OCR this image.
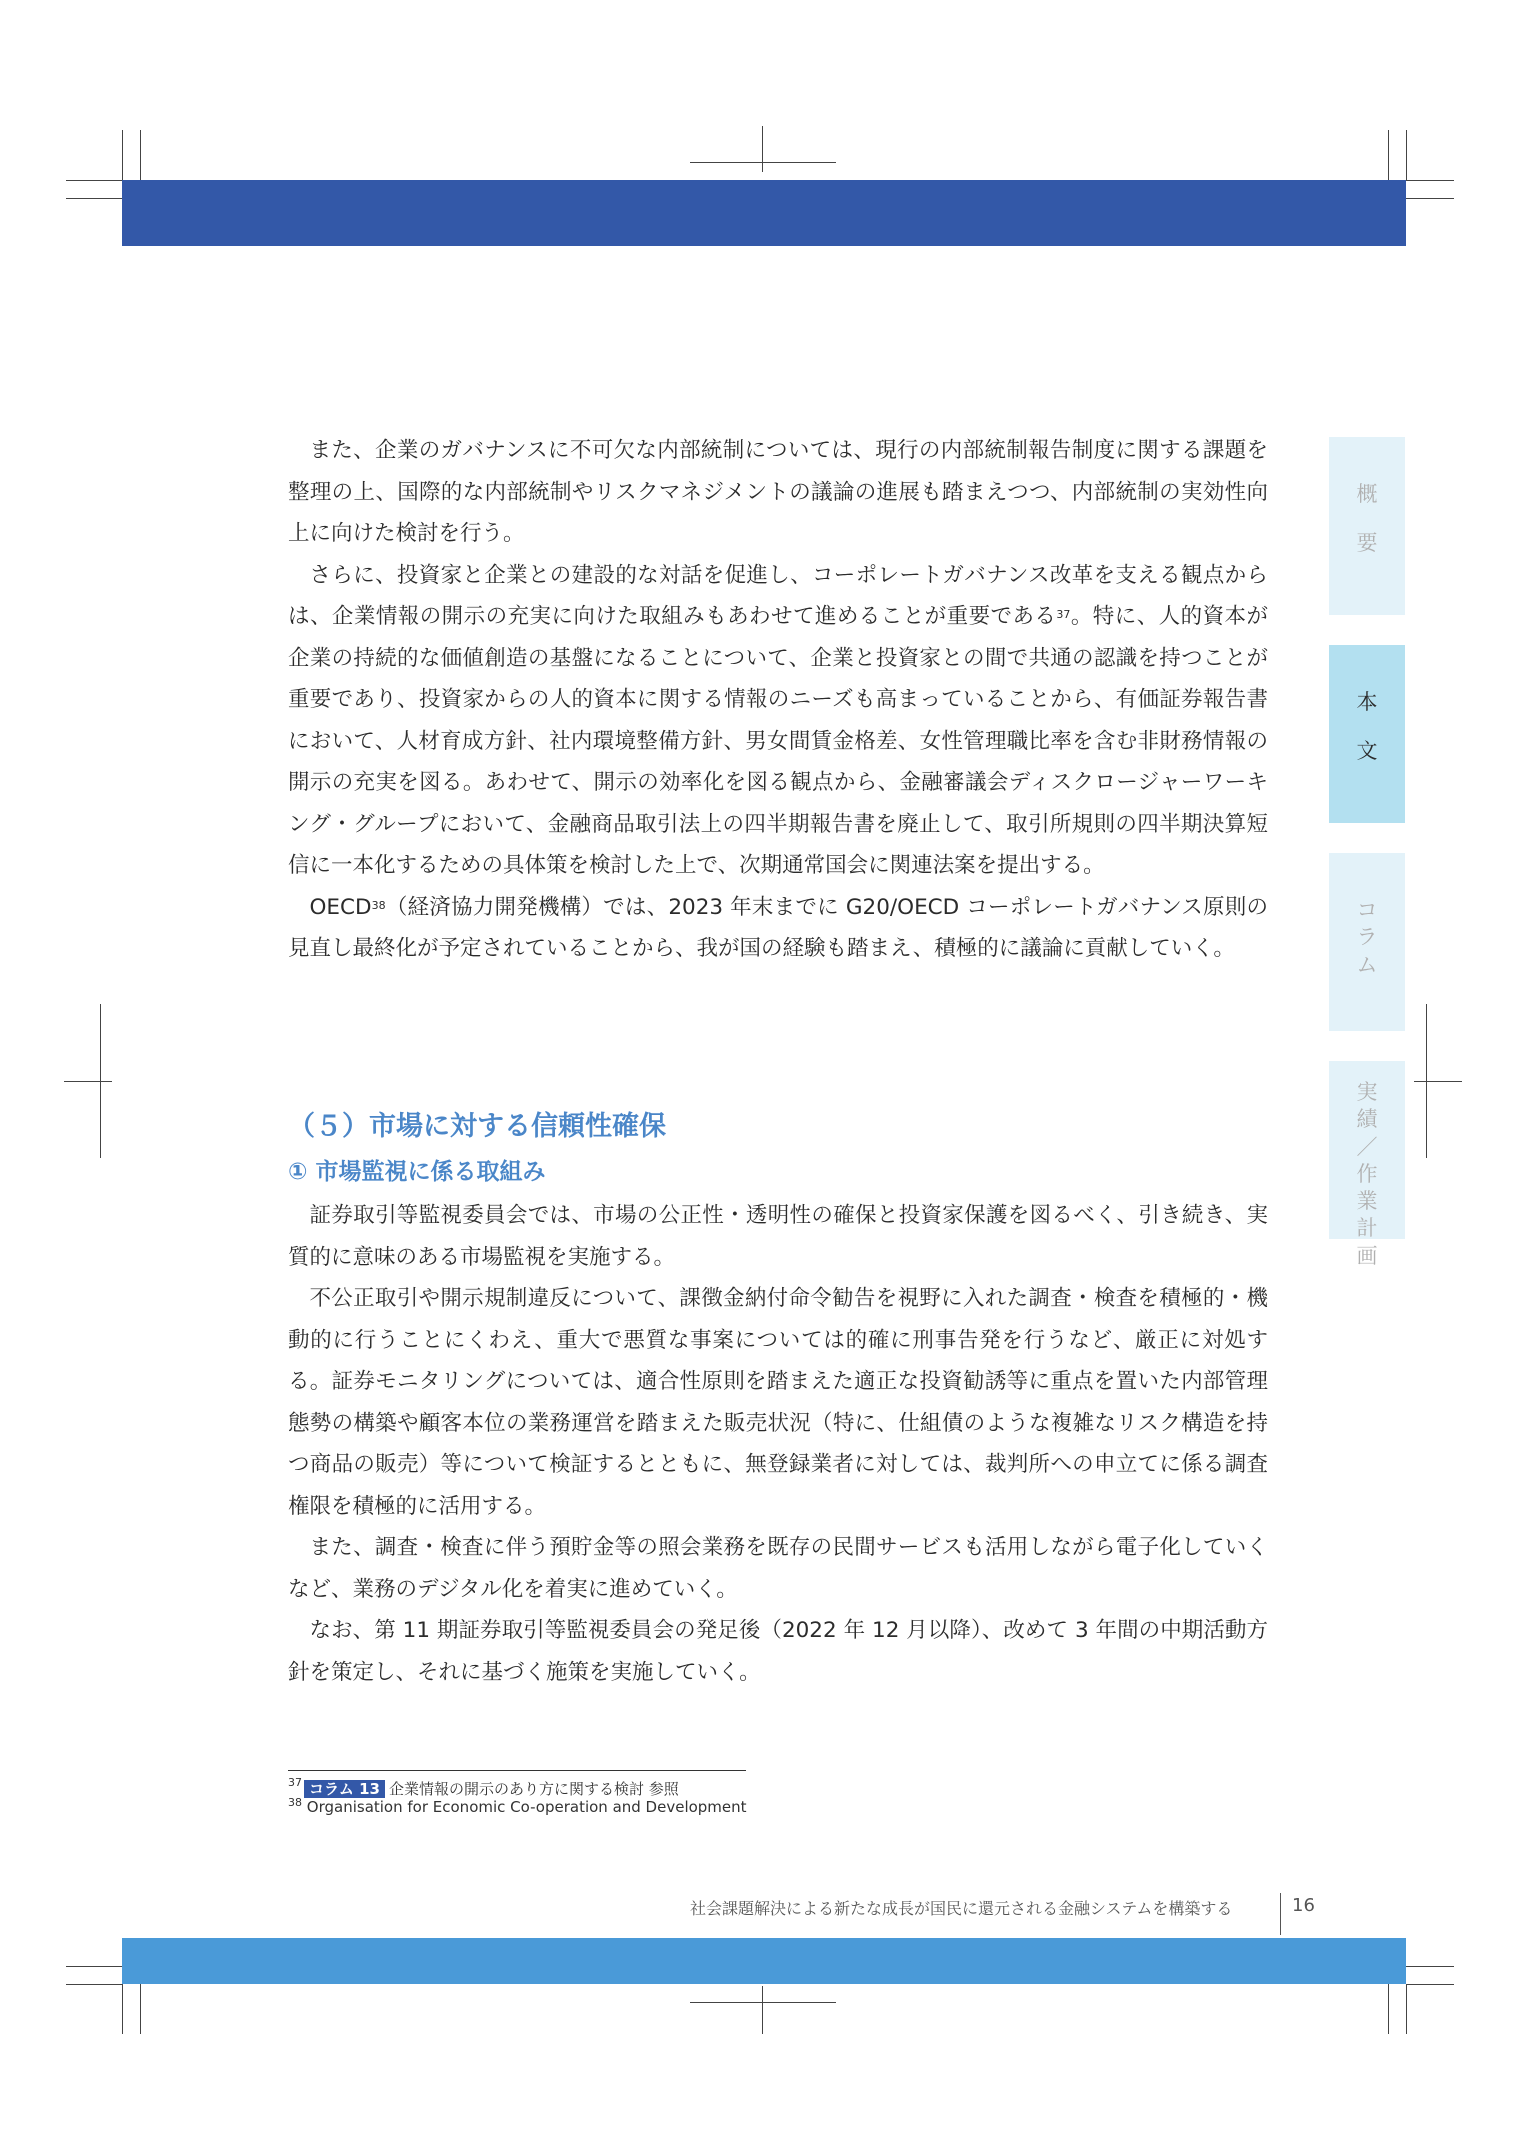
概
要
本
文
コ
ラ
ム
実
績
／
作
業
計
画

また、企業のガバナンスに不可欠な内部統制については、現行の内部統制報告制度に関する課題を整理の上、国際的な内部統制やリスクマネジメントの議論の進展も踏まえつつ、内部統制の実効性向上に向けた検討を行う。

さらに、投資家と企業との建設的な対話を促進し、コーポレートガバナンス改革を支える観点からは、企業情報の開示の充実に向けた取組みもあわせて進めることが重要である$^{37}$。特に、人的資本が企業の持続的な価値創造の基盤になることについて、企業と投資家との間で共通の認識を持つことが重要であり、投資家からの人的資本に関する情報のニーズも高まっていることから、有価証券報告書において、人材育成方針、社内環境整備方針、男女間賃金格差、女性管理職比率を含む非財務情報の開示の充実を図る。あわせて、開示の効率化を図る観点から、金融審議会ディスクロージャーワーキング・グループにおいて、金融商品取引法上の四半期報告書を廃止して、取引所規則の四半期決算短信に一本化するための具体策を検討した上で、次期通常国会に関連法案を提出する。

OECD$^{38}$（経済協力開発機構）では、2023 年末までに G20/OECD コーポレートガバナンス原則の見直し最終化が予定されていることから、我が国の経験も踏まえ、積極的に議論に貢献していく。

（５）市場に対する信頼性確保
① 市場監視に係る取組み

証券取引等監視委員会では、市場の公正性・透明性の確保と投資家保護を図るべく、引き続き、実質的に意味のある市場監視を実施する。

不公正取引や開示規制違反について、課徴金納付命令勧告を視野に入れた調査・検査を積極的・機動的に行うことにくわえ、重大で悪質な事案については的確に刑事告発を行うなど、厳正に対処する。証券モニタリングについては、適合性原則を踏まえた適正な投資勧誘等に重点を置いた内部管理態勢の構築や顧客本位の業務運営を踏まえた販売状況（特に、仕組債のような複雑なリスク構造を持つ商品の販売）等について検証するとともに、無登録業者に対しては、裁判所への申立てに係る調査権限を積極的に活用する。

また、調査・検査に伴う預貯金等の照会業務を既存の民間サービスも活用しながら電子化していくなど、業務のデジタル化を着実に進めていく。

なお、第 11 期証券取引等監視委員会の発足後（2022 年 12 月以降）、改めて 3 年間の中期活動方針を策定し、それに基づく施策を実施していく。

$^{37}$ コラム 13 企業情報の開示のあり方に関する検討 参照
$^{38}$ Organisation for Economic Co-operation and Development
社会課題解決による新たな成長が国民に還元される金融システムを構築する	16
